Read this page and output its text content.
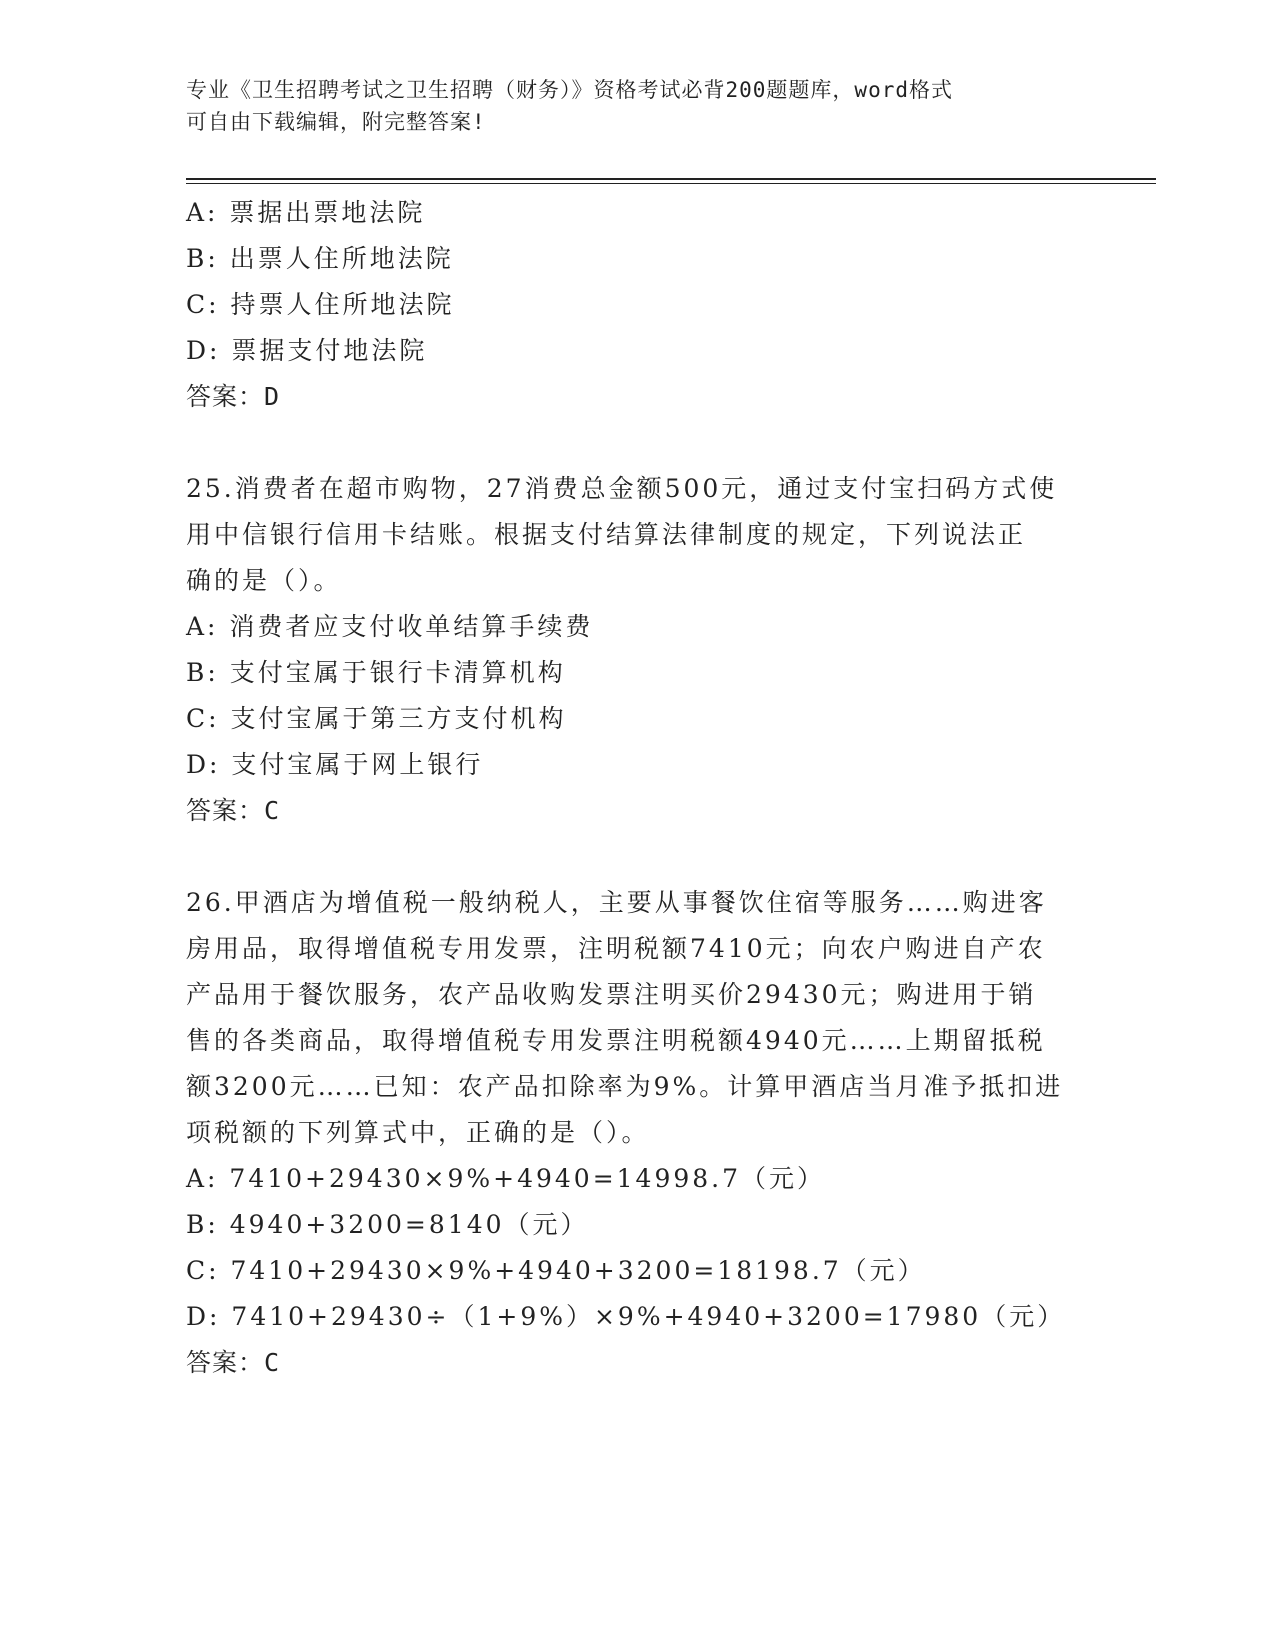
专业《卫生招聘考试之卫生招聘（财务）》资格考试必背200题题库，word格式
可自由下载编辑，附完整答案!
A: 票据出票地法院
B: 出票人住所地法院
C: 持票人住所地法院
D: 票据支付地法院
答案：D
25.消费者在超市购物，27消费总金额500元，通过支付宝扫码方式使
用中信银行信用卡结账。根据支付结算法律制度的规定，下列说法正
确的是（）。
A: 消费者应支付收单结算手续费
B: 支付宝属于银行卡清算机构
C: 支付宝属于第三方支付机构
D: 支付宝属于网上银行
答案：C
26.甲酒店为增值税一般纳税人，主要从事餐饮住宿等服务……购进客
房用品，取得增值税专用发票，注明税额7410元；向农户购进自产农
产品用于餐饮服务，农产品收购发票注明买价29430元；购进用于销
售的各类商品，取得增值税专用发票注明税额4940元……上期留抵税
额3200元……已知：农产品扣除率为9%。计算甲酒店当月准予抵扣进
项税额的下列算式中，正确的是（）。
A: 7410+29430×9%+4940=14998.7（元）
B: 4940+3200=8140（元）
C: 7410+29430×9%+4940+3200=18198.7（元）
D: 7410+29430÷（1+9%）×9%+4940+3200=17980（元）
答案：C
